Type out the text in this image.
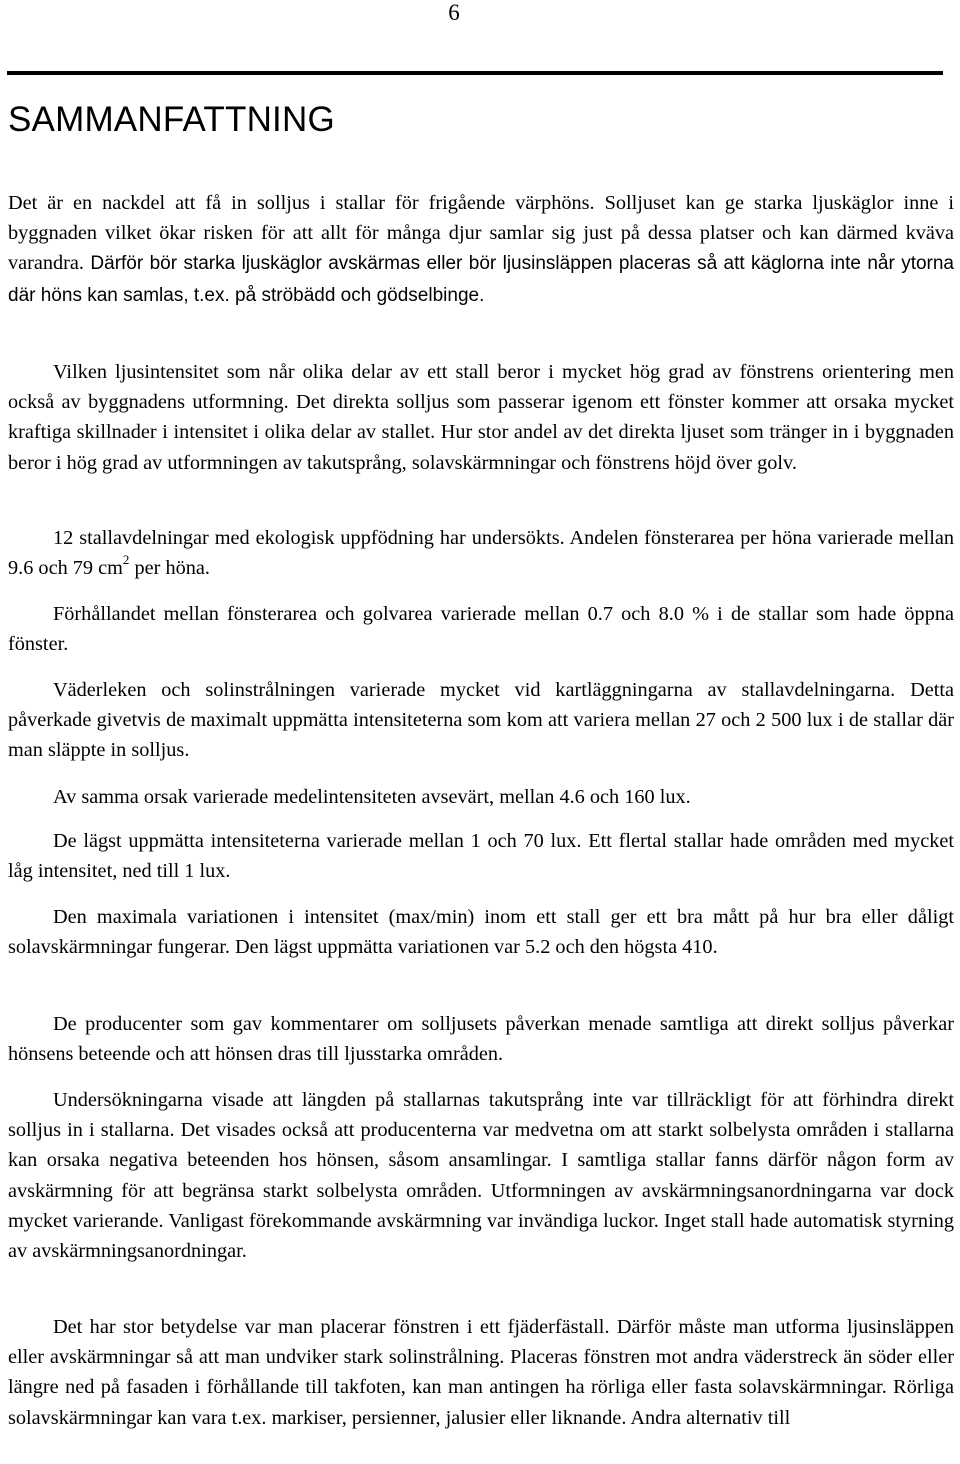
6
SAMMANFATTNING

Det är en nackdel att få in solljus i stallar för frigående värphöns. Solljuset kan ge starka ljuskäglor inne i byggnaden vilket ökar risken för att allt för många djur samlar sig just på dessa platser och kan därmed kväva varandra. Därför bör starka ljuskäglor avskärmas eller bör ljusinsläppen placeras så att käglorna inte når ytorna där höns kan samlas, t.ex. på ströbädd och gödselbinge.

Vilken ljusintensitet som når olika delar av ett stall beror i mycket hög grad av fönstrens orientering men också av byggnadens utformning. Det direkta solljus som passerar igenom ett fönster kommer att orsaka mycket kraftiga skillnader i intensitet i olika delar av stallet. Hur stor andel av det direkta ljuset som tränger in i byggnaden beror i hög grad av utformningen av takutsprång, solavskärmningar och fönstrens höjd över golv.

12 stallavdelningar med ekologisk uppfödning har undersökts. Andelen fönsterarea per höna varierade mellan 9.6 och 79 $cm^2$ per höna.

Förhållandet mellan fönsterarea och golvarea varierade mellan 0.7 och 8.0 % i de stallar som hade öppna fönster.

Väderleken och solinstrålningen varierade mycket vid kartläggningarna av stallavdelningarna. Detta påverkade givetvis de maximalt uppmätta intensiteterna som kom att variera mellan 27 och 2 500 lux i de stallar där man släppte in solljus.

Av samma orsak varierade medelintensiteten avsevärt, mellan 4.6 och 160 lux.

De lägst uppmätta intensiteterna varierade mellan 1 och 70 lux. Ett flertal stallar hade områden med mycket låg intensitet, ned till 1 lux.

Den maximala variationen i intensitet (max/min) inom ett stall ger ett bra mått på hur bra eller dåligt solavskärmningar fungerar. Den lägst uppmätta variationen var 5.2 och den högsta 410.

De producenter som gav kommentarer om solljusets påverkan menade samtliga att direkt solljus påverkar hönsens beteende och att hönsen dras till ljusstarka områden.

Undersökningarna visade att längden på stallarnas takutsprång inte var tillräckligt för att förhindra direkt solljus in i stallarna. Det visades också att producenterna var medvetna om att starkt solbelysta områden i stallarna kan orsaka negativa beteenden hos hönsen, såsom ansamlingar. I samtliga stallar fanns därför någon form av avskärmning för att begränsa starkt solbelysta områden. Utformningen av avskärmningsanordningarna var dock mycket varierande. Vanligast förekommande avskärmning var invändiga luckor. Inget stall hade automatisk styrning av avskärmningsanordningar.

Det har stor betydelse var man placerar fönstren i ett fjäderfästall. Därför måste man utforma ljusinsläppen eller avskärmningar så att man undviker stark solinstrålning. Placeras fönstren mot andra väderstreck än söder eller längre ned på fasaden i förhållande till takfoten, kan man antingen ha rörliga eller fasta solavskärmningar. Rörliga solavskärmningar kan vara t.ex. markiser, persienner, jalusier eller liknande. Andra alternativ till
